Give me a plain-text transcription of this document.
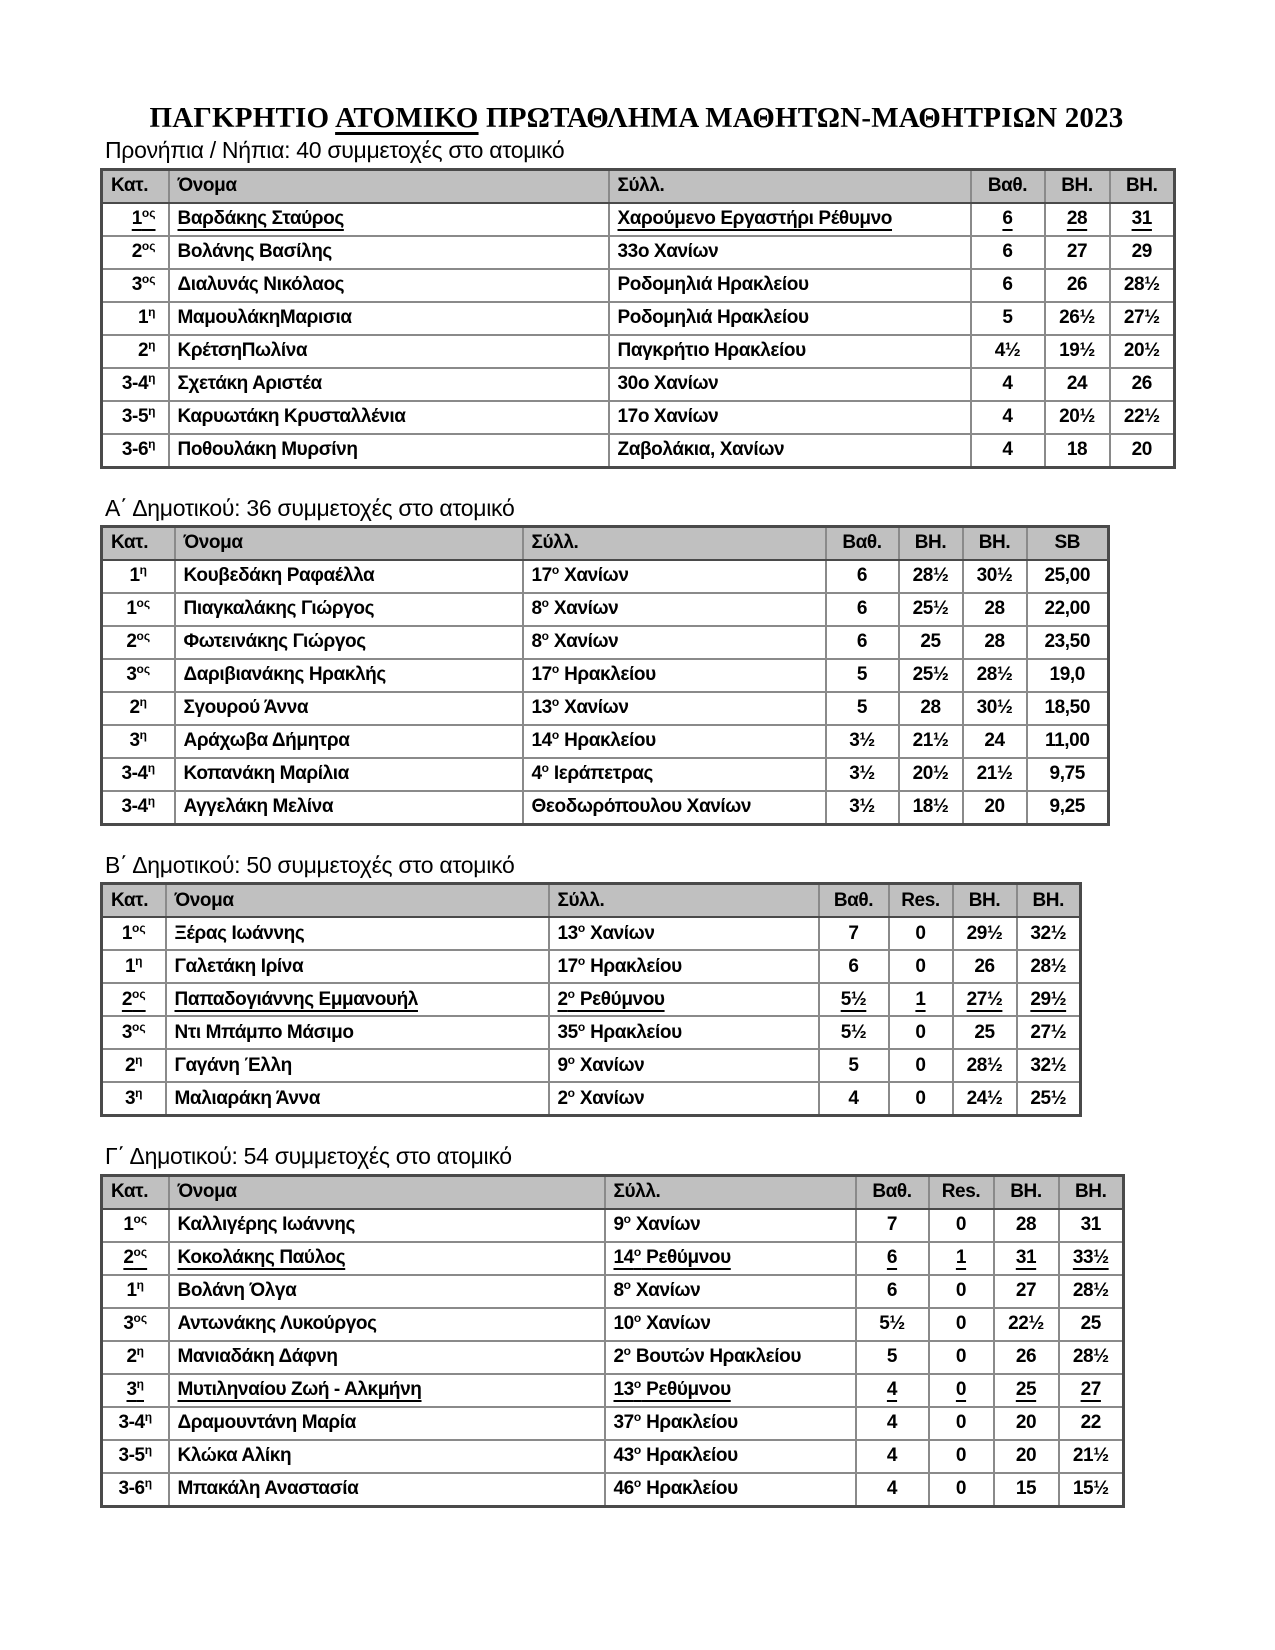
ΠΑΓΚΡΗΤΙΟ ΑΤΟΜΙΚΟ ΠΡΩΤΑΘΛΗΜΑ ΜΑΘΗΤΩΝ-ΜΑΘΗΤΡΙΩΝ 2023
Προνήπια / Νήπια: 40 συμμετοχές στο ατομικό
Κατ.	Όνομα	Σύλλ.	Βαθ.	ΒΗ.	ΒΗ.
$1^{o\varsigma}$	Βαρδάκης Σταύρος	Χαρούμενο Εργαστήρι Ρέθυμνο	6	28	31
$2^{o\varsigma}$	Βολάνης Βασίλης	33ο Χανίων	6	27	29
$3^{o\varsigma}$	Διαλυνάς Νικόλαος	Ροδομηλιά Ηρακλείου	6	26	28½
$1^\eta$	ΜαμουλάκηΜαρισια	Ροδομηλιά Ηρακλείου	5	26½	27½
$2^\eta$	ΚρέτσηΠωλίνα	Παγκρήτιο Ηρακλείου	4½	19½	20½
$3-4^\eta$	Σχετάκη Αριστέα	30ο Χανίων	4	24	26
$3-5^\eta$	Καρυωτάκη Κρυσταλλένια	17ο Χανίων	4	20½	22½
$3-6^\eta$	Ποθουλάκη Μυρσίνη	Ζαβολάκια, Χανίων	4	18	20
Α΄ Δημοτικού: 36 συμμετοχές στο ατομικό
Κατ.	Όνομα	Σύλλ.	Βαθ.	ΒΗ.	ΒΗ.	SB
$1^\eta$	Κουβεδάκη Ραφαέλλα	$17^o$ Χανίων	6	28½	30½	25,00
$1^{o\varsigma}$	Πιαγκαλάκης Γιώργος	$8^o$ Χανίων	6	25½	28	22,00
$2^{o\varsigma}$	Φωτεινάκης Γιώργος	$8^o$ Χανίων	6	25	28	23,50
$3^{o\varsigma}$	Δαριβιανάκης Ηρακλής	$17^o$ Ηρακλείου	5	25½	28½	19,0
$2^\eta$	Σγουρού Άννα	$13^o$ Χανίων	5	28	30½	18,50
$3^\eta$	Αράχωβα Δήμητρα	$14^o$ Ηρακλείου	3½	21½	24	11,00
$3-4^\eta$	Κοπανάκη Μαρίλια	$4^o$ Ιεράπετρας	3½	20½	21½	9,75
$3-4^\eta$	Αγγελάκη Μελίνα	Θεοδωρόπουλου Χανίων	3½	18½	20	9,25
Β΄ Δημοτικού: 50 συμμετοχές στο ατομικό
Κατ.	Όνομα	Σύλλ.	Βαθ.	Res.	ΒΗ.	ΒΗ.
$1^{o\varsigma}$	Ξέρας Ιωάννης	$13^o$ Χανίων	7	0	29½	32½
$1^\eta$	Γαλετάκη Ιρίνα	$17^o$ Ηρακλείου	6	0	26	28½
$2^{o\varsigma}$	Παπαδογιάννης Εμμανουήλ	$2^o$ Ρεθύμνου	5½	1	27½	29½
$3^{o\varsigma}$	Ντι Μπάμπο Μάσιμο	$35^o$ Ηρακλείου	5½	0	25	27½
$2^\eta$	Γαγάνη Έλλη	$9^o$ Χανίων	5	0	28½	32½
$3^\eta$	Μαλιαράκη Άννα	$2^o$ Χανίων	4	0	24½	25½
Γ΄ Δημοτικού: 54 συμμετοχές στο ατομικό
Κατ.	Όνομα	Σύλλ.	Βαθ.	Res.	ΒΗ.	ΒΗ.
$1^{o\varsigma}$	Καλλιγέρης Ιωάννης	$9^o$ Χανίων	7	0	28	31
$2^{o\varsigma}$	Κοκολάκης Παύλος	$14^o$ Ρεθύμνου	6	1	31	33½
$1^\eta$	Βολάνη Όλγα	$8^o$ Χανίων	6	0	27	28½
$3^{o\varsigma}$	Αντωνάκης Λυκούργος	$10^o$ Χανίων	5½	0	22½	25
$2^\eta$	Μανιαδάκη Δάφνη	$2^o$ Βουτών Ηρακλείου	5	0	26	28½
$3^\eta$	Μυτιληναίου Ζωή - Αλκμήνη	$13^o$ Ρεθύμνου	4	0	25	27
$3-4^\eta$	Δραμουντάνη Μαρία	$37^o$ Ηρακλείου	4	0	20	22
$3-5^\eta$	Κλώκα Αλίκη	$43^o$ Ηρακλείου	4	0	20	21½
$3-6^\eta$	Μπακάλη Αναστασία	$46^o$ Ηρακλείου	4	0	15	15½
